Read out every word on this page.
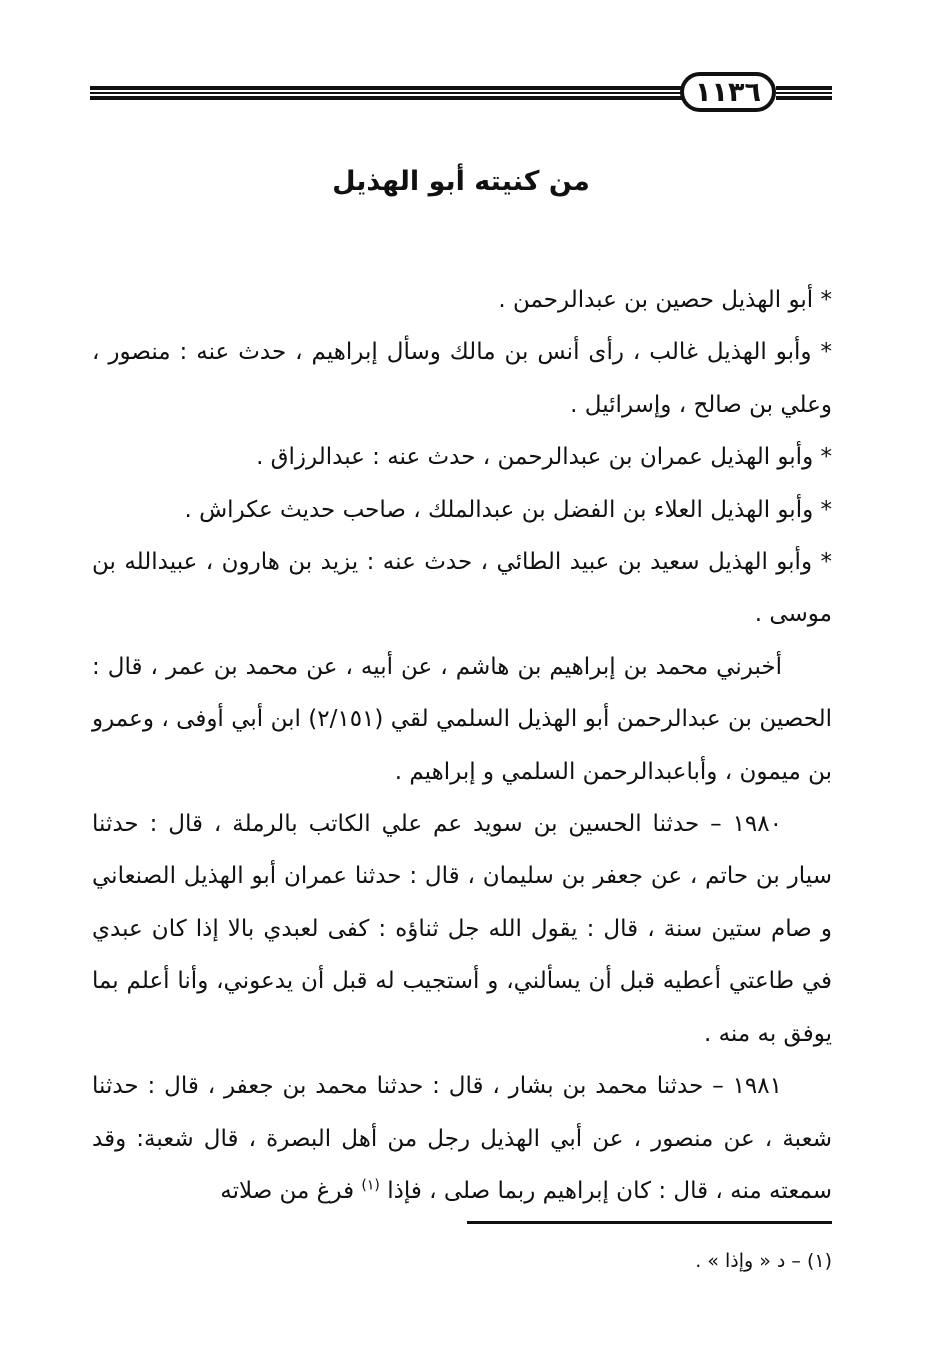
١١٣٦
من كنيته أبو الهذيل

* أبو الهذيل حصين بن عبدالرحمن .

* وأبو الهذيل غالب ، رأى أنس بن مالك وسأل إبراهيم ، حدث عنه : منصور ، وعلي بن صالح ، وإسرائيل .

* وأبو الهذيل عمران بن عبدالرحمن ، حدث عنه : عبدالرزاق .

* وأبو الهذيل العلاء بن الفضل بن عبدالملك ، صاحب حديث عكراش .

* وأبو الهذيل سعيد بن عبيد الطائي ، حدث عنه : يزيد بن هارون ، عبيدالله بن موسى .

أخبرني محمد بن إبراهيم بن هاشم ، عن أبيه ، عن محمد بن عمر ، قال : الحصين بن عبدالرحمن أبو الهذيل السلمي لقي (٢/١٥١) ابن أبي أوفى ، وعمرو بن ميمون ، وأباعبدالرحمن السلمي و إبراهيم .

١٩٨٠ – حدثنا الحسين بن سويد عم علي الكاتب بالرملة ، قال : حدثنا سيار بن حاتم ، عن جعفر بن سليمان ، قال : حدثنا عمران أبو الهذيل الصنعاني و صام ستين سنة ، قال : يقول الله جل ثناؤه : كفى لعبدي بالا إذا كان عبدي في طاعتي أعطيه قبل أن يسألني، و أستجيب له قبل أن يدعوني، وأنا أعلم بما يوفق به منه .

١٩٨١ – حدثنا محمد بن بشار ، قال : حدثنا محمد بن جعفر ، قال : حدثنا شعبة ، عن منصور ، عن أبي الهذيل رجل من أهل البصرة ، قال شعبة: وقد سمعته منه ، قال : كان إبراهيم ربما صلى ، فإذا $^{(١)}$ فرغ من صلاته

(١) – د « وإذا » .
